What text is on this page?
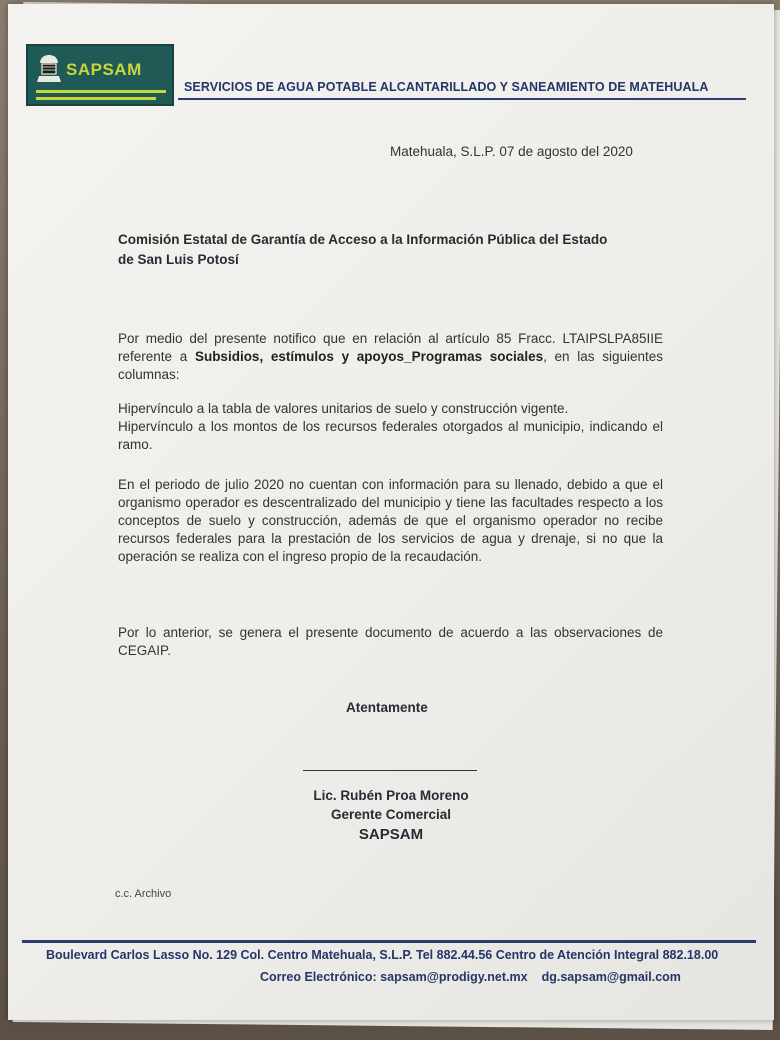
SAPSAM
SERVICIOS DE AGUA POTABLE ALCANTARILLADO Y SANEAMIENTO DE MATEHUALA
Matehuala, S.L.P. 07 de agosto del 2020
Comisión Estatal de Garantía de Acceso a la Información Pública del Estado
de San Luis Potosí
Por medio del presente notifico que en relación al artículo 85 Fracc. LTAIPSLPA85IIE referente a Subsidios, estímulos y apoyos_Programas sociales, en las siguientes columnas:
Hipervínculo a la tabla de valores unitarios de suelo y construcción vigente.
Hipervínculo a los montos de los recursos federales otorgados al municipio, indicando el ramo.
En el periodo de julio 2020 no cuentan con información para su llenado, debido a que el organismo operador es descentralizado del municipio y tiene las facultades respecto a los conceptos de suelo y construcción, además de que el organismo operador no recibe recursos federales para la prestación de los servicios de agua y drenaje, si no que la operación se realiza con el ingreso propio de la recaudación.
Por lo anterior, se genera el presente documento de acuerdo a las observaciones de CEGAIP.
Atentamente
Lic. Rubén Proa Moreno
Gerente Comercial
SAPSAM
c.c. Archivo
Boulevard Carlos Lasso No. 129 Col. Centro Matehuala, S.L.P. Tel 882.44.56 Centro de Atención Integral 882.18.00
Correo Electrónico: sapsam@prodigy.net.mx dg.sapsam@gmail.com
